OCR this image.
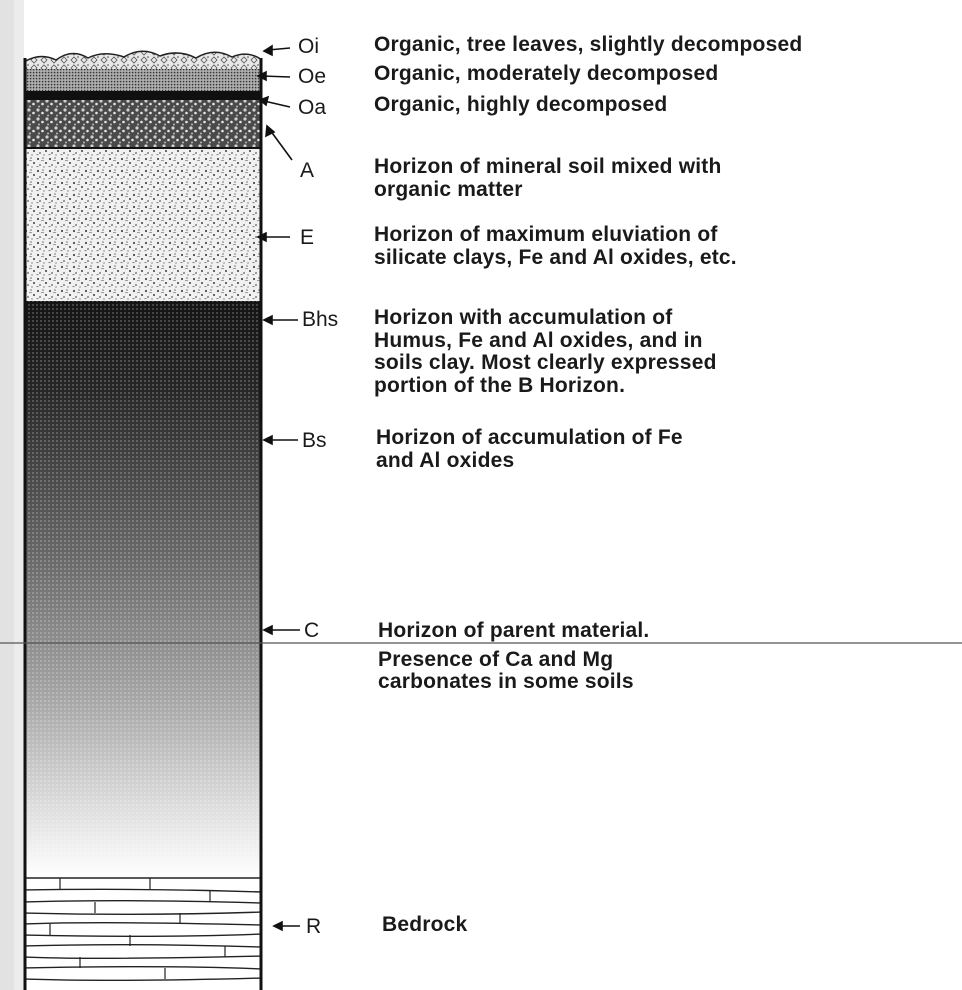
Oi
Oe
Oa
A
E
Bhs
Bs
C
R
Organic, tree leaves, slightly decomposed
Organic, moderately decomposed
Organic, highly decomposed
Horizon of mineral soil mixed with
organic matter
Horizon of maximum eluviation of
silicate clays, Fe and Al oxides, etc.
Horizon with accumulation of
Humus, Fe and Al oxides, and in
soils clay. Most clearly expressed
portion of the B Horizon.
Horizon of accumulation of Fe
and Al oxides
Horizon of parent material.
Presence of Ca and Mg
carbonates in some soils
Bedrock
